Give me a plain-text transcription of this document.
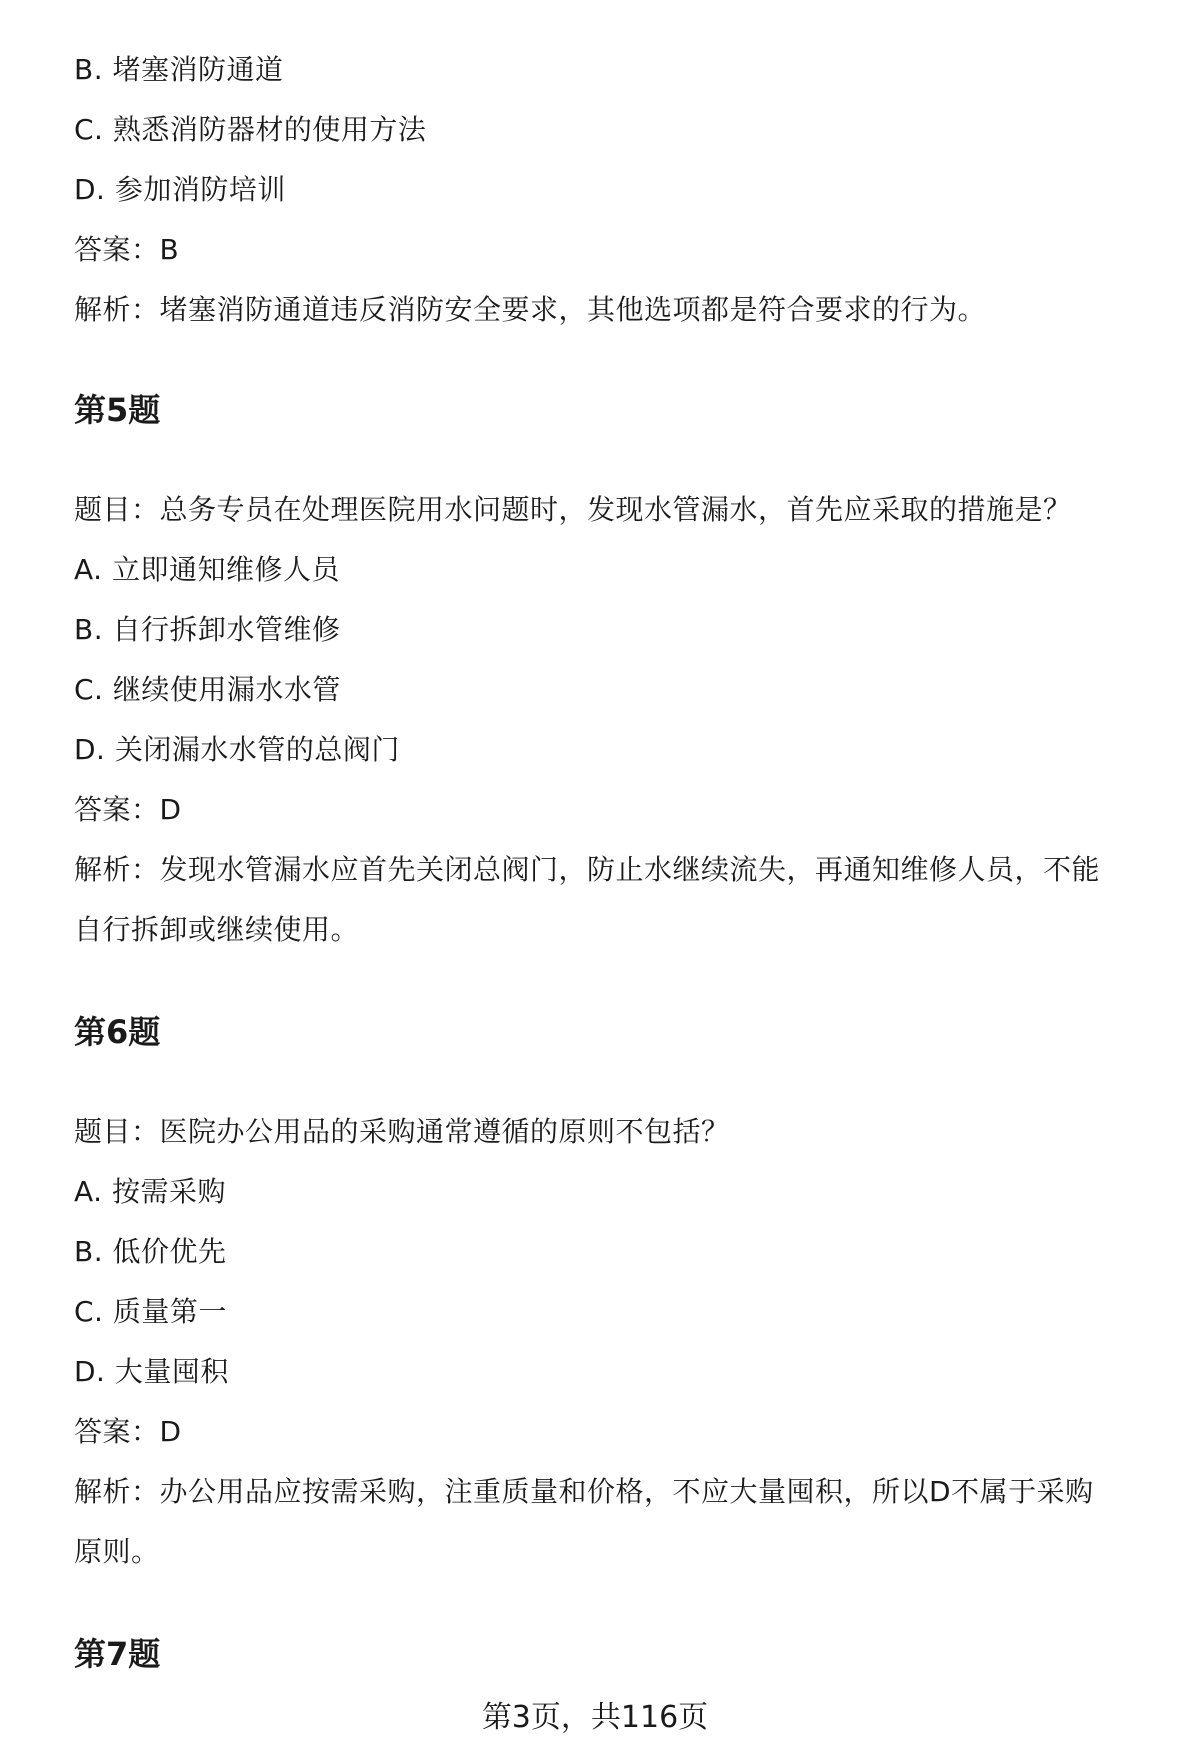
B. 堵塞消防通道
C. 熟悉消防器材的使用方法
D. 参加消防培训
答案：B
解析：堵塞消防通道违反消防安全要求，其他选项都是符合要求的行为。
第5题
题目：总务专员在处理医院用水问题时，发现水管漏水，首先应采取的措施是？
A. 立即通知维修人员
B. 自行拆卸水管维修
C. 继续使用漏水水管
D. 关闭漏水水管的总阀门
答案：D
解析：发现水管漏水应首先关闭总阀门，防止水继续流失，再通知维修人员，不能
自行拆卸或继续使用。
第6题
题目：医院办公用品的采购通常遵循的原则不包括？
A. 按需采购
B. 低价优先
C. 质量第一
D. 大量囤积
答案：D
解析：办公用品应按需采购，注重质量和价格，不应大量囤积，所以D不属于采购
原则。
第7题
第3页，共116页
